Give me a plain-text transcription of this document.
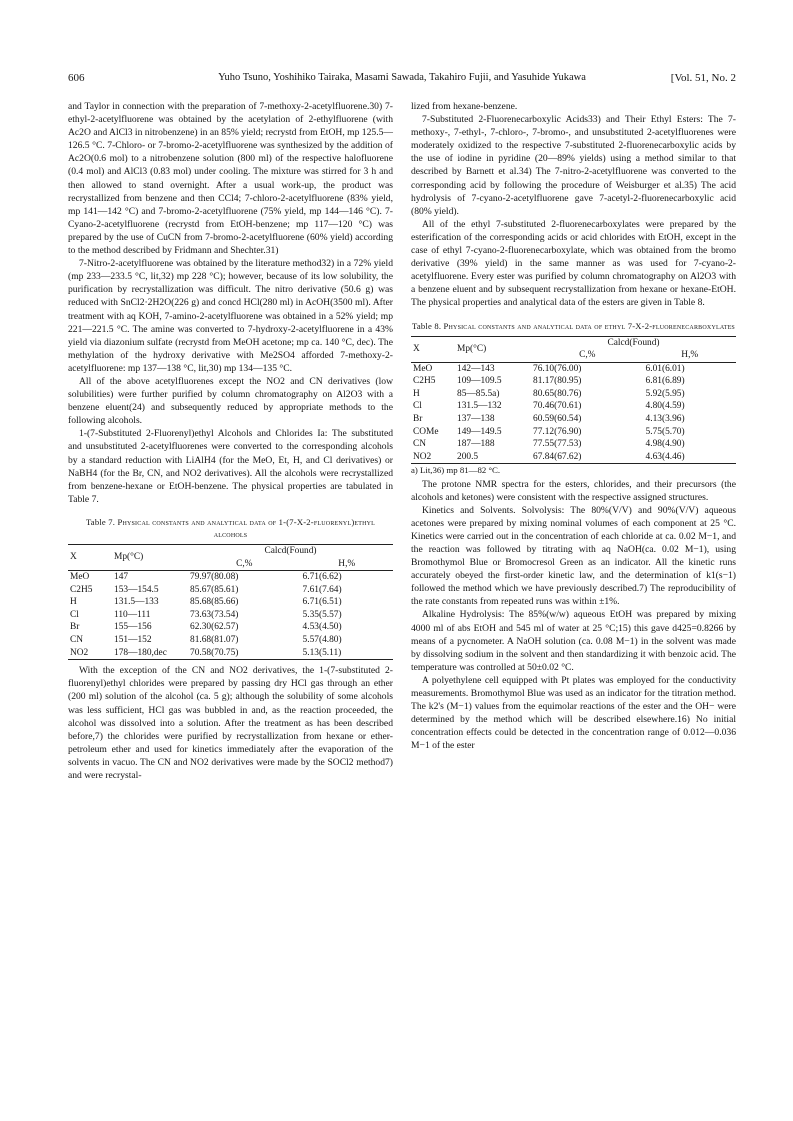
606	Yuho Tsuno, Yoshihiko Tairaka, Masami Sawada, Takahiro Fujii, and Yasuhide Yukawa	[Vol. 51, No. 2

and Taylor in connection with the preparation of 7-methoxy-2-acetylfluorene.30) 7-ethyl-2-acetylfluorene was obtained by the acetylation of 2-ethylfluorene (with Ac2O and AlCl3 in nitrobenzene) in an 85% yield; recrystd from EtOH, mp 125.5—126.5 °C. 7-Chloro- or 7-bromo-2-acetylfluorene was synthesized by the addition of Ac2O(0.6 mol) to a nitrobenzene solution (800 ml) of the respective halofluorene (0.4 mol) and AlCl3 (0.83 mol) under cooling. The mixture was stirred for 3 h and then allowed to stand overnight. After a usual work-up, the product was recrystallized from benzene and then CCl4; 7-chloro-2-acetylfluorene (83% yield, mp 141—142 °C) and 7-bromo-2-acetylfluorene (75% yield, mp 144—146 °C). 7-Cyano-2-acetylfluorene (recrystd from EtOH-benzene; mp 117—120 °C) was prepared by the use of CuCN from 7-bromo-2-acetylfluorene (60% yield) according to the method described by Fridmann and Shechter.31)

7-Nitro-2-acetylfluorene was obtained by the literature method32) in a 72% yield (mp 233—233.5 °C, lit,32) mp 228 °C); however, because of its low solubility, the purification by recrystallization was difficult. The nitro derivative (50.6 g) was reduced with SnCl2·2H2O(226 g) and concd HCl(280 ml) in AcOH(3500 ml). After treatment with aq KOH, 7-amino-2-acetylfluorene was obtained in a 52% yield; mp 221—221.5 °C. The amine was converted to 7-hydroxy-2-acetylfluorene in a 43% yield via diazonium sulfate (recrystd from MeOH acetone; mp ca. 140 °C, dec). The methylation of the hydroxy derivative with Me2SO4 afforded 7-methoxy-2-acetylfluorene: mp 137—138 °C, lit,30) mp 134—135 °C.

All of the above acetylfluorenes except the NO2 and CN derivatives (low solubilities) were further purified by column chromatography on Al2O3 with a benzene eluent(24) and subsequently reduced by appropriate methods to the following alcohols.

1-(7-Substituted 2-Fluorenyl)ethyl Alcohols and Chlorides Ia: The substituted and unsubstituted 2-acetylfluorenes were converted to the corresponding alcohols by a standard reduction with LiAlH4 (for the MeO, Et, H, and Cl derivatives) or NaBH4 (for the Br, CN, and NO2 derivatives). All the alcohols were recrystallized from benzene-hexane or EtOH-benzene. The physical properties are tabulated in Table 7.

Table 7. Physical constants and analytical data of 1-(7-X-2-fluorenyl)ethyl alcohols
X	Mp(°C)	Calcd(Found)	
		C,%	H,%
MeO	147	79.97(80.08)	6.71(6.62)
C2H5	153—154.5	85.67(85.61)	7.61(7.64)
H	131.5—133	85.68(85.66)	6.71(6.51)
Cl	110—111	73.63(73.54)	5.35(5.57)
Br	155—156	62.30(62.57)	4.53(4.50)
CN	151—152	81.68(81.07)	5.57(4.80)
NO2	178—180,dec	70.58(70.75)	5.13(5.11)

With the exception of the CN and NO2 derivatives, the 1-(7-substituted 2-fluorenyl)ethyl chlorides were prepared by passing dry HCl gas through an ether (200 ml) solution of the alcohol (ca. 5 g); although the solubility of some alcohols was less sufficient, HCl gas was bubbled in and, as the reaction proceeded, the alcohol was dissolved into a solution. After the treatment as has been described before,7) the chlorides were purified by recrystallization from hexane or ether-petroleum ether and used for kinetics immediately after the evaporation of the solvents in vacuo. The CN and NO2 derivatives were made by the SOCl2 method7) and were recrystal-

lized from hexane-benzene.

7-Substituted 2-Fluorenecarboxylic Acids33) and Their Ethyl Esters: The 7-methoxy-, 7-ethyl-, 7-chloro-, 7-bromo-, and unsubstituted 2-acetylfluorenes were moderately oxidized to the respective 7-substituted 2-fluorenecarboxylic acids by the use of iodine in pyridine (20—89% yields) using a method similar to that described by Barnett et al.34) The 7-nitro-2-acetylfluorene was converted to the corresponding acid by following the procedure of Weisburger et al.35) The acid hydrolysis of 7-cyano-2-acetylfluorene gave 7-acetyl-2-fluorenecarboxylic acid (80% yield).

All of the ethyl 7-substituted 2-fluorenecarboxylates were prepared by the esterification of the corresponding acids or acid chlorides with EtOH, except in the case of ethyl 7-cyano-2-fluorenecarboxylate, which was obtained from the bromo derivative (39% yield) in the same manner as was used for 7-cyano-2-acetylfluorene. Every ester was purified by column chromatography on Al2O3 with a benzene eluent and by subsequent recrystallization from hexane or hexane-EtOH. The physical properties and analytical data of the esters are given in Table 8.

Table 8. Physical constants and analytical data of ethyl 7-X-2-fluorenecarboxylates
X	Mp(°C)	Calcd(Found)	
		C,%	H,%
MeO	142—143	76.10(76.00)	6.01(6.01)
C2H5	109—109.5	81.17(80.95)	6.81(6.89)
H	85—85.5a)	80.65(80.76)	5.92(5.95)
Cl	131.5—132	70.46(70.61)	4.80(4.59)
Br	137—138	60.59(60.54)	4.13(3.96)
COMe	149—149.5	77.12(76.90)	5.75(5.70)
CN	187—188	77.55(77.53)	4.98(4.90)
NO2	200.5	67.84(67.62)	4.63(4.46)

a) Lit,36) mp 81—82 °C.

The protone NMR spectra for the esters, chlorides, and their precursors (the alcohols and ketones) were consistent with the respective assigned structures.

Kinetics and Solvents. Solvolysis: The 80%(V/V) and 90%(V/V) aqueous acetones were prepared by mixing nominal volumes of each component at 25 °C. Kinetics were carried out in the concentration of each chloride at ca. 0.02 M−1, and the reaction was followed by titrating with aq NaOH(ca. 0.02 M−1), using Bromothymol Blue or Bromocresol Green as an indicator. All the kinetic runs accurately obeyed the first-order kinetic law, and the determination of k1(s−1) followed the method which we have previously described.7) The reproducibility of the rate constants from repeated runs was within ±1%.

Alkaline Hydrolysis: The 85%(w/w) aqueous EtOH was prepared by mixing 4000 ml of abs EtOH and 545 ml of water at 25 °C;15) this gave d425=0.8266 by means of a pycnometer. A NaOH solution (ca. 0.08 M−1) in the solvent was made by dissolving sodium in the solvent and then standardizing it with benzoic acid. The temperature was controlled at 50±0.02 °C.

A polyethylene cell equipped with Pt plates was employed for the conductivity measurements. Bromothymol Blue was used as an indicator for the titration method. The k2's (M−1) values from the equimolar reactions of the ester and the OH− were determined by the method which will be described elsewhere.16) No initial concentration effects could be detected in the concentration range of 0.012—0.036 M−1 of the ester
